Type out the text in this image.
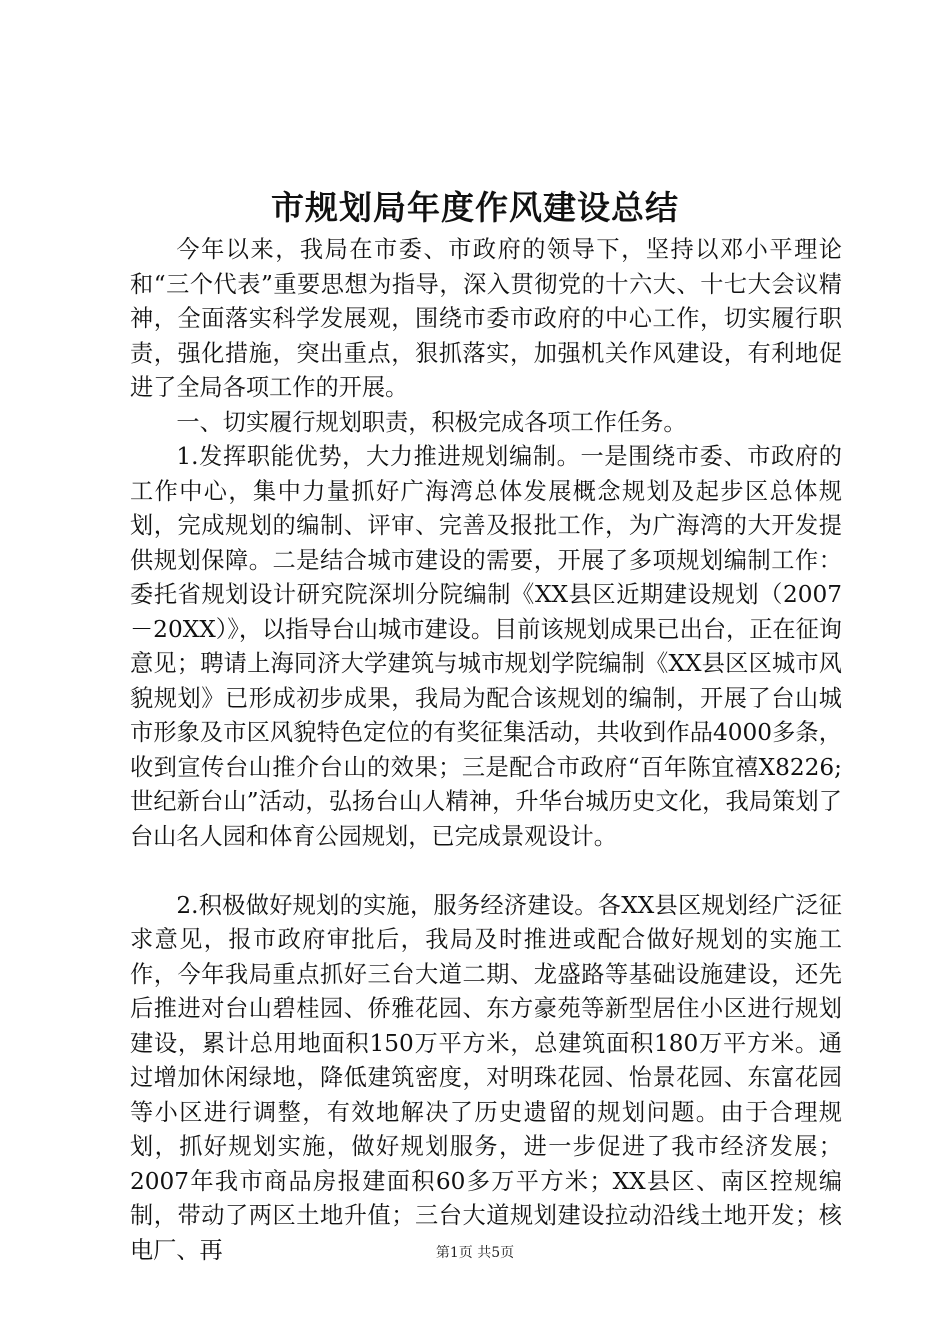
市规划局年度作风建设总结

今年以来，我局在市委、市政府的领导下，坚持以邓小平理论和“三个代表”重要思想为指导，深入贯彻党的十六大、十七大会议精神，全面落实科学发展观，围绕市委市政府的中心工作，切实履行职责，强化措施，突出重点，狠抓落实，加强机关作风建设，有利地促进了全局各项工作的开展。

一、切实履行规划职责，积极完成各项工作任务。

1.发挥职能优势，大力推进规划编制。一是围绕市委、市政府的工作中心，集中力量抓好广海湾总体发展概念规划及起步区总体规划，完成规划的编制、评审、完善及报批工作，为广海湾的大开发提供规划保障。二是结合城市建设的需要，开展了多项规划编制工作：委托省规划设计研究院深圳分院编制《XX县区近期建设规划（2007－20XX）》，以指导台山城市建设。目前该规划成果已出台，正在征询意见；聘请上海同济大学建筑与城市规划学院编制《XX县区区城市风貌规划》已形成初步成果，我局为配合该规划的编制，开展了台山城市形象及市区风貌特色定位的有奖征集活动，共收到作品4000多条，收到宣传台山推介台山的效果；三是配合市政府“百年陈宜禧X8226;世纪新台山”活动，弘扬台山人精神，升华台城历史文化，我局策划了台山名人园和体育公园规划，已完成景观设计。

2.积极做好规划的实施，服务经济建设。各XX县区规划经广泛征求意见，报市政府审批后，我局及时推进或配合做好规划的实施工作，今年我局重点抓好三台大道二期、龙盛路等基础设施建设，还先后推进对台山碧桂园、侨雅花园、东方豪苑等新型居住小区进行规划建设，累计总用地面积150万平方米，总建筑面积180万平方米。通过增加休闲绿地，降低建筑密度，对明珠花园、怡景花园、东富花园等小区进行调整，有效地解决了历史遗留的规划问题。由于合理规划，抓好规划实施，做好规划服务，进一步促进了我市经济发展；2007年我市商品房报建面积60多万平方米；XX县区、南区控规编制，带动了两区土地升值；三台大道规划建设拉动沿线土地开发；核电厂、再	第1页 共5页
